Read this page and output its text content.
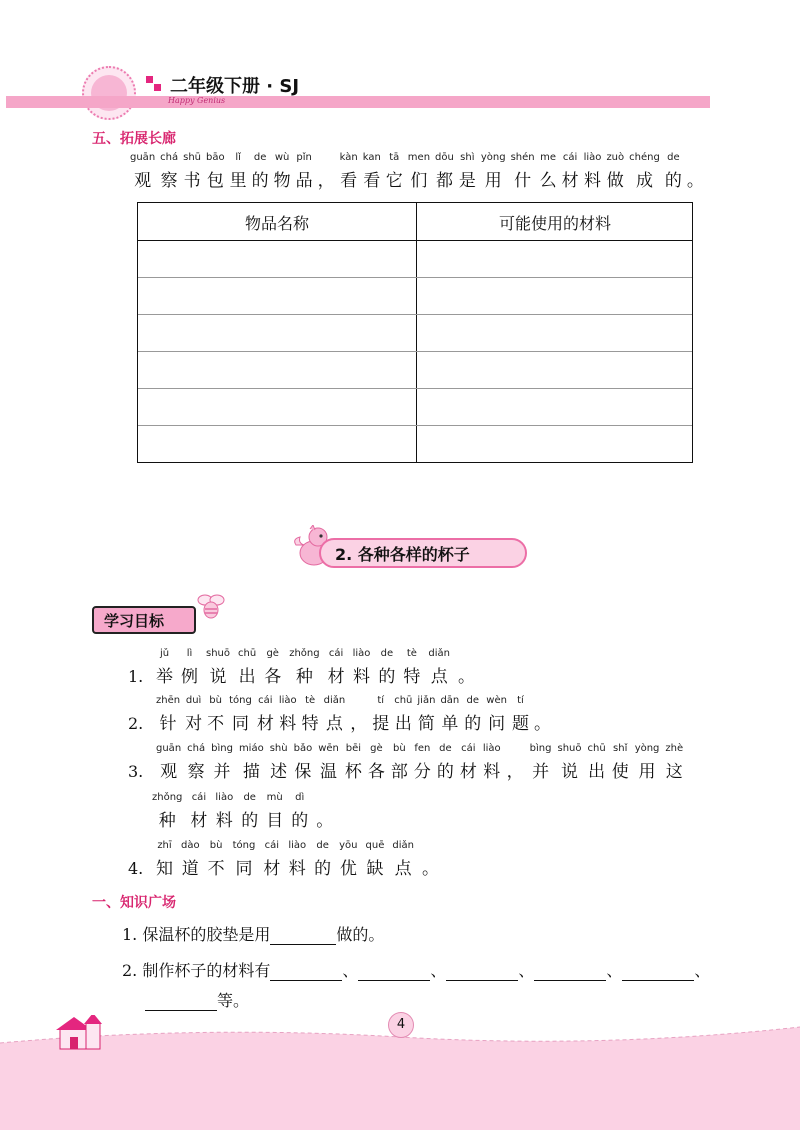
二年级下册 · SJ
Happy Genius
五、拓展长廊
guān
观
chá
察
shū
书
bāo
包
lǐ
里
de
的
wù
物
pǐn
品 ，
kàn
看
kan
看
tā
它
men
们
dōu
都
shì
是
yòng
用
shén
什
me
么
cái
材
liào
料
zuò
做
chéng
成
de
的 。
物品名称	可能使用的材料
2. 各种各样的杯子
学习目标
1.
jǔ
举
lì
例
shuō
说
chū
出
gè
各
zhǒng
种
cái
材
liào
料
de
的
tè
特
diǎn
点 。
2.
zhēn
针
duì
对
bù
不
tóng
同
cái
材
liào
料
tè
特
diǎn
点 ，
tí
提
chū
出
jiǎn
简
dān
单
de
的
wèn
问
tí
题 。
3.
guān
观
chá
察
bìng
并
miáo
描
shù
述
bǎo
保
wēn
温
bēi
杯
gè
各
bù
部
fen
分
de
的
cái
材
liào
料 ，
bìng
并
shuō
说
chū
出
shǐ
使
yòng
用
zhè
这
zhǒng
种
cái
材
liào
料
de
的
mù
目
dì
的 。
4.
zhī
知
dào
道
bù
不
tóng
同
cái
材
liào
料
de
的
yōu
优
quē
缺
diǎn
点 。
一、知识广场
1. 保温杯的胶垫是用	做的。
2. 制作杯子的材料有	、	、	、	、	、
等。
4
